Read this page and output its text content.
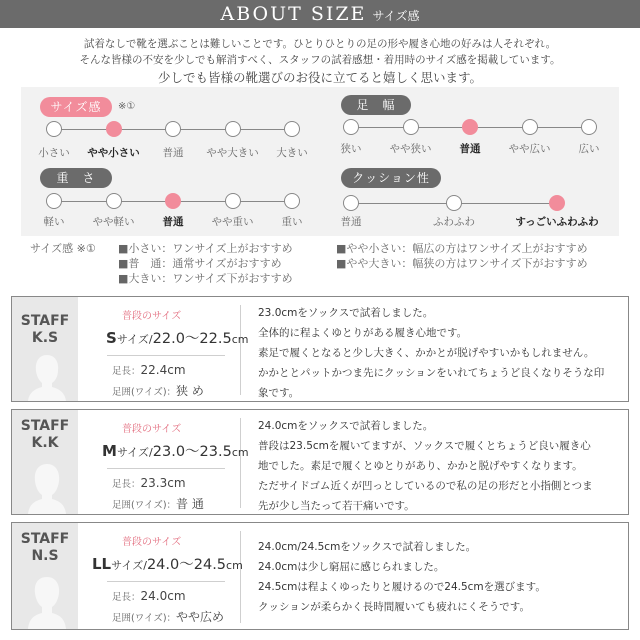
ABOUT SIZE サイズ感
試着なしで靴を選ぶことは難しいことです。ひとりひとりの足の形や履き心地の好みは人それぞれ。
そんな皆様の不安を少しでも解消すべく、スタッフの試着感想・着用時のサイズ感を掲載しています。
少しでも皆様の靴選びのお役に立てると嬉しく思います。
サイズ感	※①
小さい やや小さい 普通 やや大きい 大きい
足　幅
狭い	やや狭い	普通	やや広い	広い
重　さ
軽い	やや軽い	普通	やや重い	重い
クッション性
普通	ふわふわ	すっごいふわふわ
サイズ感 ※① ■小さい：ワンサイズ上がおすすめ
■普　通：通常サイズがおすすめ
■大きい：ワンサイズ下がおすすめ
■やや小さい：幅広の方はワンサイズ上がおすすめ
■やや大きい：幅狭の方はワンサイズ下がおすすめ
STAFF
K.S
普段のサイズ
Sサイズ/22.0〜22.5cm
足長：22.4cm
足囲(ワイズ)：狭 め
23.0cmをソックスで試着しました。
全体的に程よくゆとりがある履き心地です。
素足で履くとなると少し大きく、かかとが脱げやすいかもしれません。
かかととパットかつま先にクッションをいれてちょうど良くなりそうな印
象です。
STAFF
K.K
普段のサイズ
Mサイズ/23.0〜23.5cm
足長：23.3cm
足囲(ワイズ)：普 通
24.0cmをソックスで試着しました。
普段は23.5cmを履いてますが、ソックスで履くとちょうど良い履き心
地でした。素足で履くとゆとりがあり、かかと脱げやすくなります。
ただサイドゴム近くが凹っとしているので私の足の形だと小指側とつま
先が少し当たって若干痛いです。
STAFF
N.S
普段のサイズ
LLサイズ/24.0〜24.5cm
足長：24.0cm
足囲(ワイズ)：やや広め
24.0cm/24.5cmをソックスで試着しました。
24.0cmは少し窮屈に感じられました。
24.5cmは程よくゆったりと履けるので24.5cmを選びます。
クッションが柔らかく長時間履いても疲れにくそうです。
